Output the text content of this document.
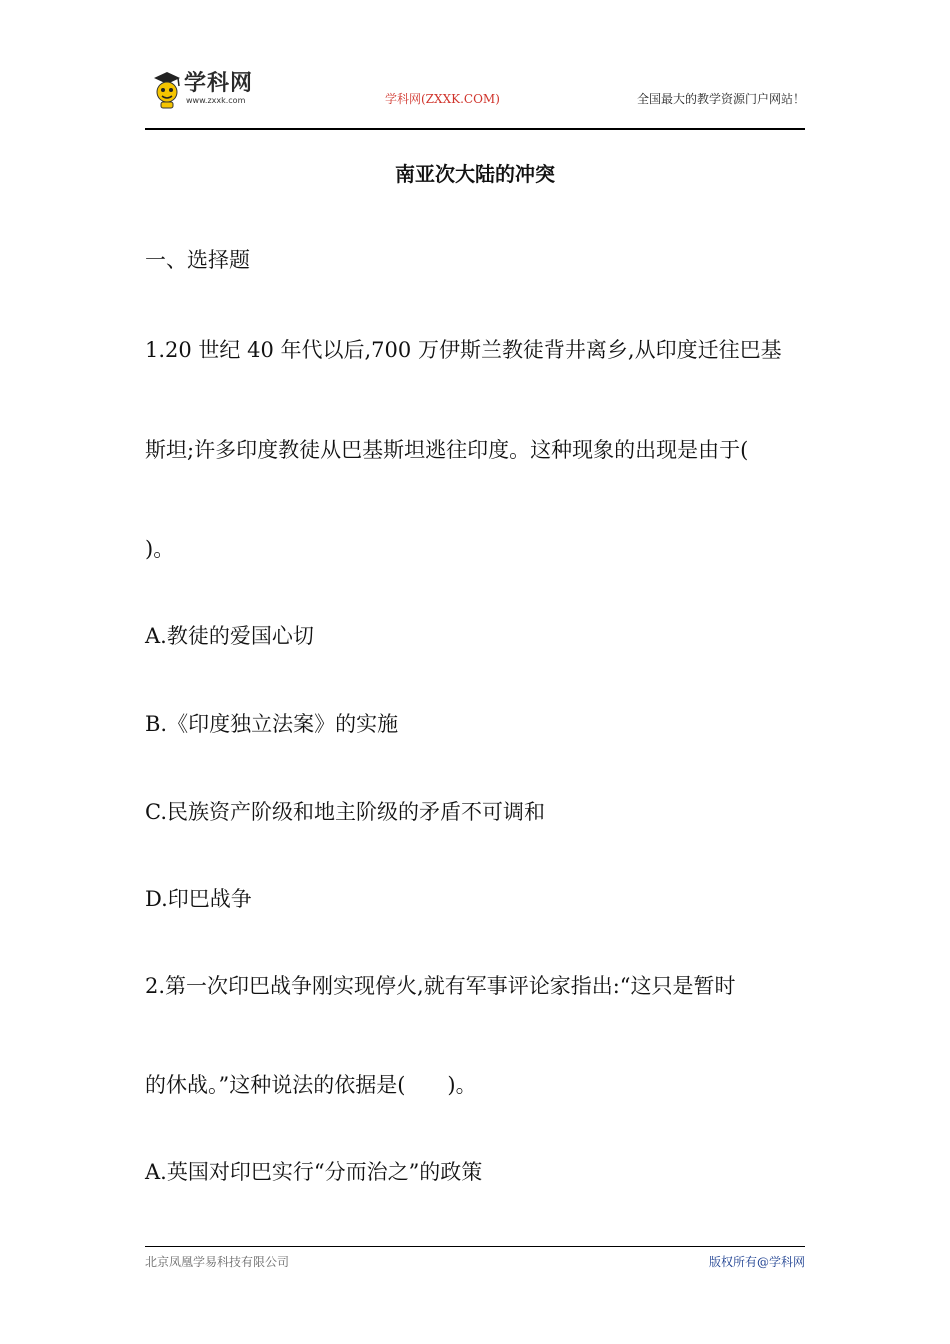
学科网
www.zxxk.com	学科网(ZXXK.COM)	全国最大的教学资源门户网站！
南亚次大陆的冲突
一、选择题
1.20 世纪 40 年代以后,700 万伊斯兰教徒背井离乡,从印度迁往巴基
斯坦;许多印度教徒从巴基斯坦逃往印度。这种现象的出现是由于(
)。
A.教徒的爱国心切
B.《印度独立法案》的实施
C.民族资产阶级和地主阶级的矛盾不可调和
D.印巴战争
2.第一次印巴战争刚实现停火,就有军事评论家指出:“这只是暂时
的休战。”这种说法的依据是(　　)。
A.英国对印巴实行“分而治之”的政策
北京凤凰学易科技有限公司	版权所有@学科网
